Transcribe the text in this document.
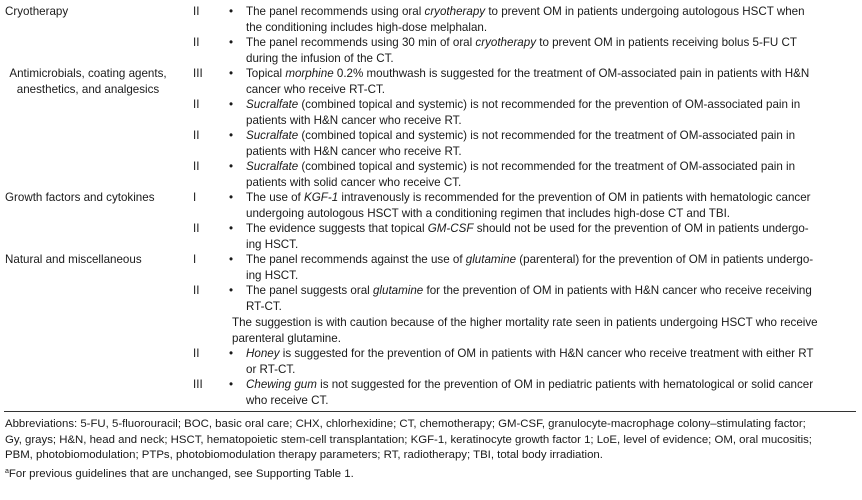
Cryotherapy	II	• The panel recommends using oral cryotherapy to prevent OM in patients undergoing autologous HSCT when
the conditioning includes high-dose melphalan.
II	• The panel recommends using 30 min of oral cryotherapy to prevent OM in patients receiving bolus 5-FU CT
during the infusion of the CT.
Antimicrobials, coating agents,
anesthetics, and analgesics
III • Topical morphine 0.2% mouthwash is suggested for the treatment of OM-associated pain in patients with H&N
cancer who receive RT-CT.
II	• Sucralfate (combined topical and systemic) is not recommended for the prevention of OM-associated pain in
patients with H&N cancer who receive RT.
II	• Sucralfate (combined topical and systemic) is not recommended for the treatment of OM-associated pain in
patients with H&N cancer who receive RT.
II	• Sucralfate (combined topical and systemic) is not recommended for the treatment of OM-associated pain in
patients with solid cancer who receive CT.
Growth factors and cytokines	I	• The use of KGF-1 intravenously is recommended for the prevention of OM in patients with hematologic cancer
undergoing autologous HSCT with a conditioning regimen that includes high-dose CT and TBI.
II	• The evidence suggests that topical GM-CSF should not be used for the prevention of OM in patients undergo-
ing HSCT.
Natural and miscellaneous	I	• The panel recommends against the use of glutamine (parenteral) for the prevention of OM in patients undergo-
ing HSCT.
II	• The panel suggests oral glutamine for the prevention of OM in patients with H&N cancer who receive receiving
RT-CT.
The suggestion is with caution because of the higher mortality rate seen in patients undergoing HSCT who receive
parenteral glutamine.
II	• Honey is suggested for the prevention of OM in patients with H&N cancer who receive treatment with either RT
or RT-CT.
III • Chewing gum is not suggested for the prevention of OM in pediatric patients with hematological or solid cancer
who receive CT.
Abbreviations: 5-FU, 5-fluorouracil; BOC, basic oral care; CHX, chlorhexidine; CT, chemotherapy; GM-CSF, granulocyte-macrophage colony–stimulating factor;
Gy, grays; H&N, head and neck; HSCT, hematopoietic stem-cell transplantation; KGF-1, keratinocyte growth factor 1; LoE, level of evidence; OM, oral mucositis;
PBM, photobiomodulation; PTPs, photobiomodulation therapy parameters; RT, radiotherapy; TBI, total body irradiation.
$^a$For previous guidelines that are unchanged, see Supporting Table 1.
